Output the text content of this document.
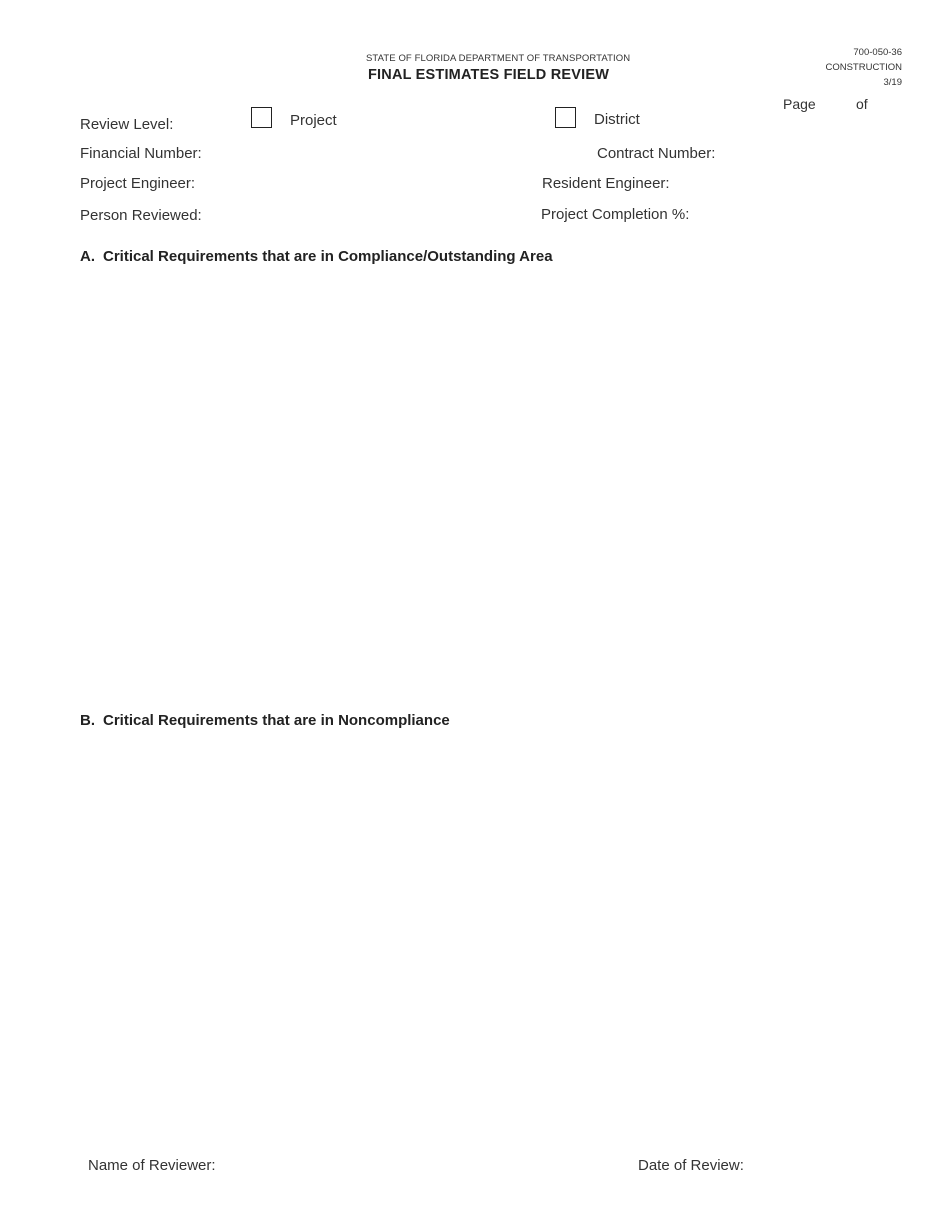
STATE OF FLORIDA DEPARTMENT OF TRANSPORTATION
FINAL ESTIMATES FIELD REVIEW
700-050-36
CONSTRUCTION
3/19
Page	of
Review Level:	Project	District
Financial Number:	Contract Number:
Project Engineer:	Resident Engineer:
Person Reviewed:	Project Completion %:
A. Critical Requirements that are in Compliance/Outstanding Area
B. Critical Requirements that are in Noncompliance
Name of Reviewer:	Date of Review:
